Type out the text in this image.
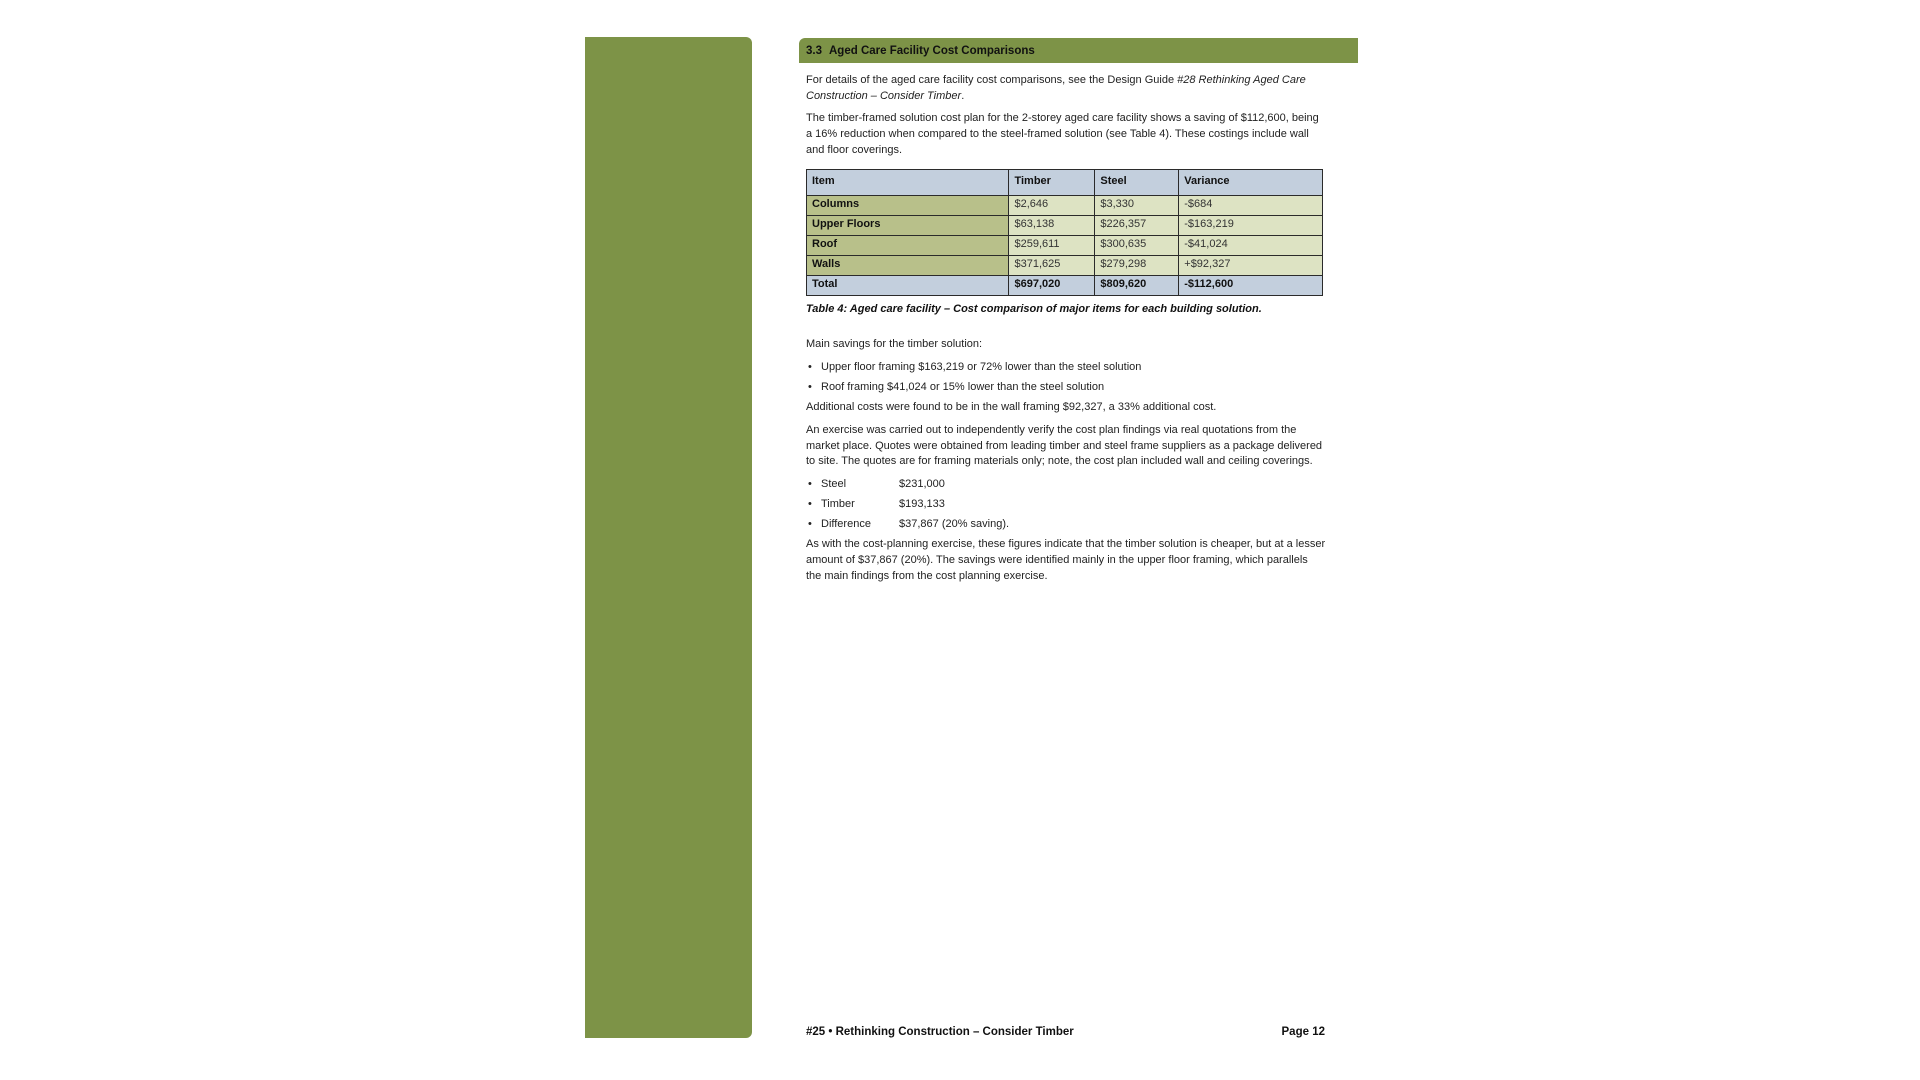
3.3 Aged Care Facility Cost Comparisons

For details of the aged care facility cost comparisons, see the Design Guide #28 Rethinking Aged Care Construction – Consider Timber.

The timber-framed solution cost plan for the 2-storey aged care facility shows a saving of $112,600, being a 16% reduction when compared to the steel-framed solution (see Table 4). These costings include wall and floor coverings.

Item	Timber	Steel	Variance
Columns	$2,646	$3,330	-$684
Upper Floors	$63,138	$226,357	-$163,219
Roof	$259,611	$300,635	-$41,024
Walls	$371,625	$279,298	+$92,327
Total	$697,020	$809,620	-$112,600
Table 4: Aged care facility – Cost comparison of major items for each building solution.

Main savings for the timber solution:

• Upper floor framing $163,219 or 72% lower than the steel solution
• Roof framing $41,024 or 15% lower than the steel solution

Additional costs were found to be in the wall framing $92,327, a 33% additional cost.

An exercise was carried out to independently verify the cost plan findings via real quotations from the market place. Quotes were obtained from leading timber and steel frame suppliers as a package delivered to site. The quotes are for framing materials only; note, the cost plan included wall and ceiling coverings.

• Steel	$231,000
• Timber	$193,133
• Difference	$37,867 (20% saving).

As with the cost-planning exercise, these figures indicate that the timber solution is cheaper, but at a lesser amount of $37,867 (20%). The savings were identified mainly in the upper floor framing, which parallels the main findings from the cost planning exercise.

#25 • Rethinking Construction – Consider Timber	Page 12
